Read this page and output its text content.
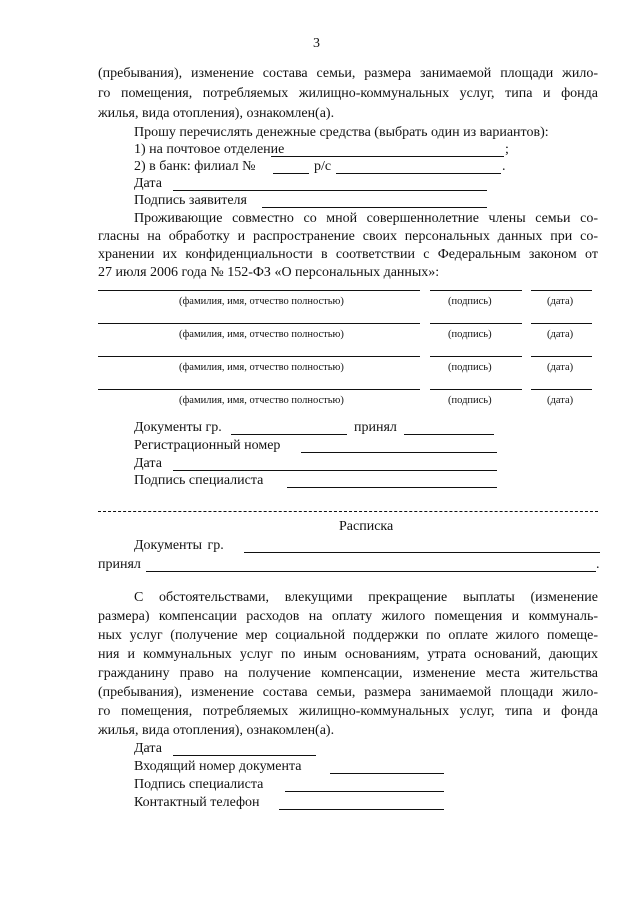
3
(пребывания), изменение состава семьи, размера занимаемой площади жило-
го помещения, потребляемых жилищно-коммунальных услуг, типа и фонда
жилья, вида отопления), ознакомлен(а).
Прошу перечислять денежные средства (выбрать один из вариантов):
1) на почтовое отделение	;
2) в банк: филиал №	р/с	.
Дата
Подпись заявителя
Проживающие совместно со мной совершеннолетние члены семьи со-
гласны на обработку и распространение своих персональных данных при со-
хранении их конфиденциальности в соответствии с Федеральным законом от
27 июля 2006 года № 152-ФЗ «О персональных данных»:
(фамилия, имя, отчество полностью)	(подпись)	(дата)
(фамилия, имя, отчество полностью)	(подпись)	(дата)
(фамилия, имя, отчество полностью)	(подпись)	(дата)
(фамилия, имя, отчество полностью)	(подпись)	(дата)
Документы гр.	принял
Регистрационный номер
Дата
Подпись специалиста
Расписка
Документы гр.
принял	.
С обстоятельствами, влекущими прекращение выплаты (изменение
размера) компенсации расходов на оплату жилого помещения и коммуналь-
ных услуг (получение мер социальной поддержки по оплате жилого помеще-
ния и коммунальных услуг по иным основаниям, утрата оснований, дающих
гражданину право на получение компенсации, изменение места жительства
(пребывания), изменение состава семьи, размера занимаемой площади жило-
го помещения, потребляемых жилищно-коммунальных услуг, типа и фонда
жилья, вида отопления), ознакомлен(а).
Дата
Входящий номер документа
Подпись специалиста
Контактный телефон
